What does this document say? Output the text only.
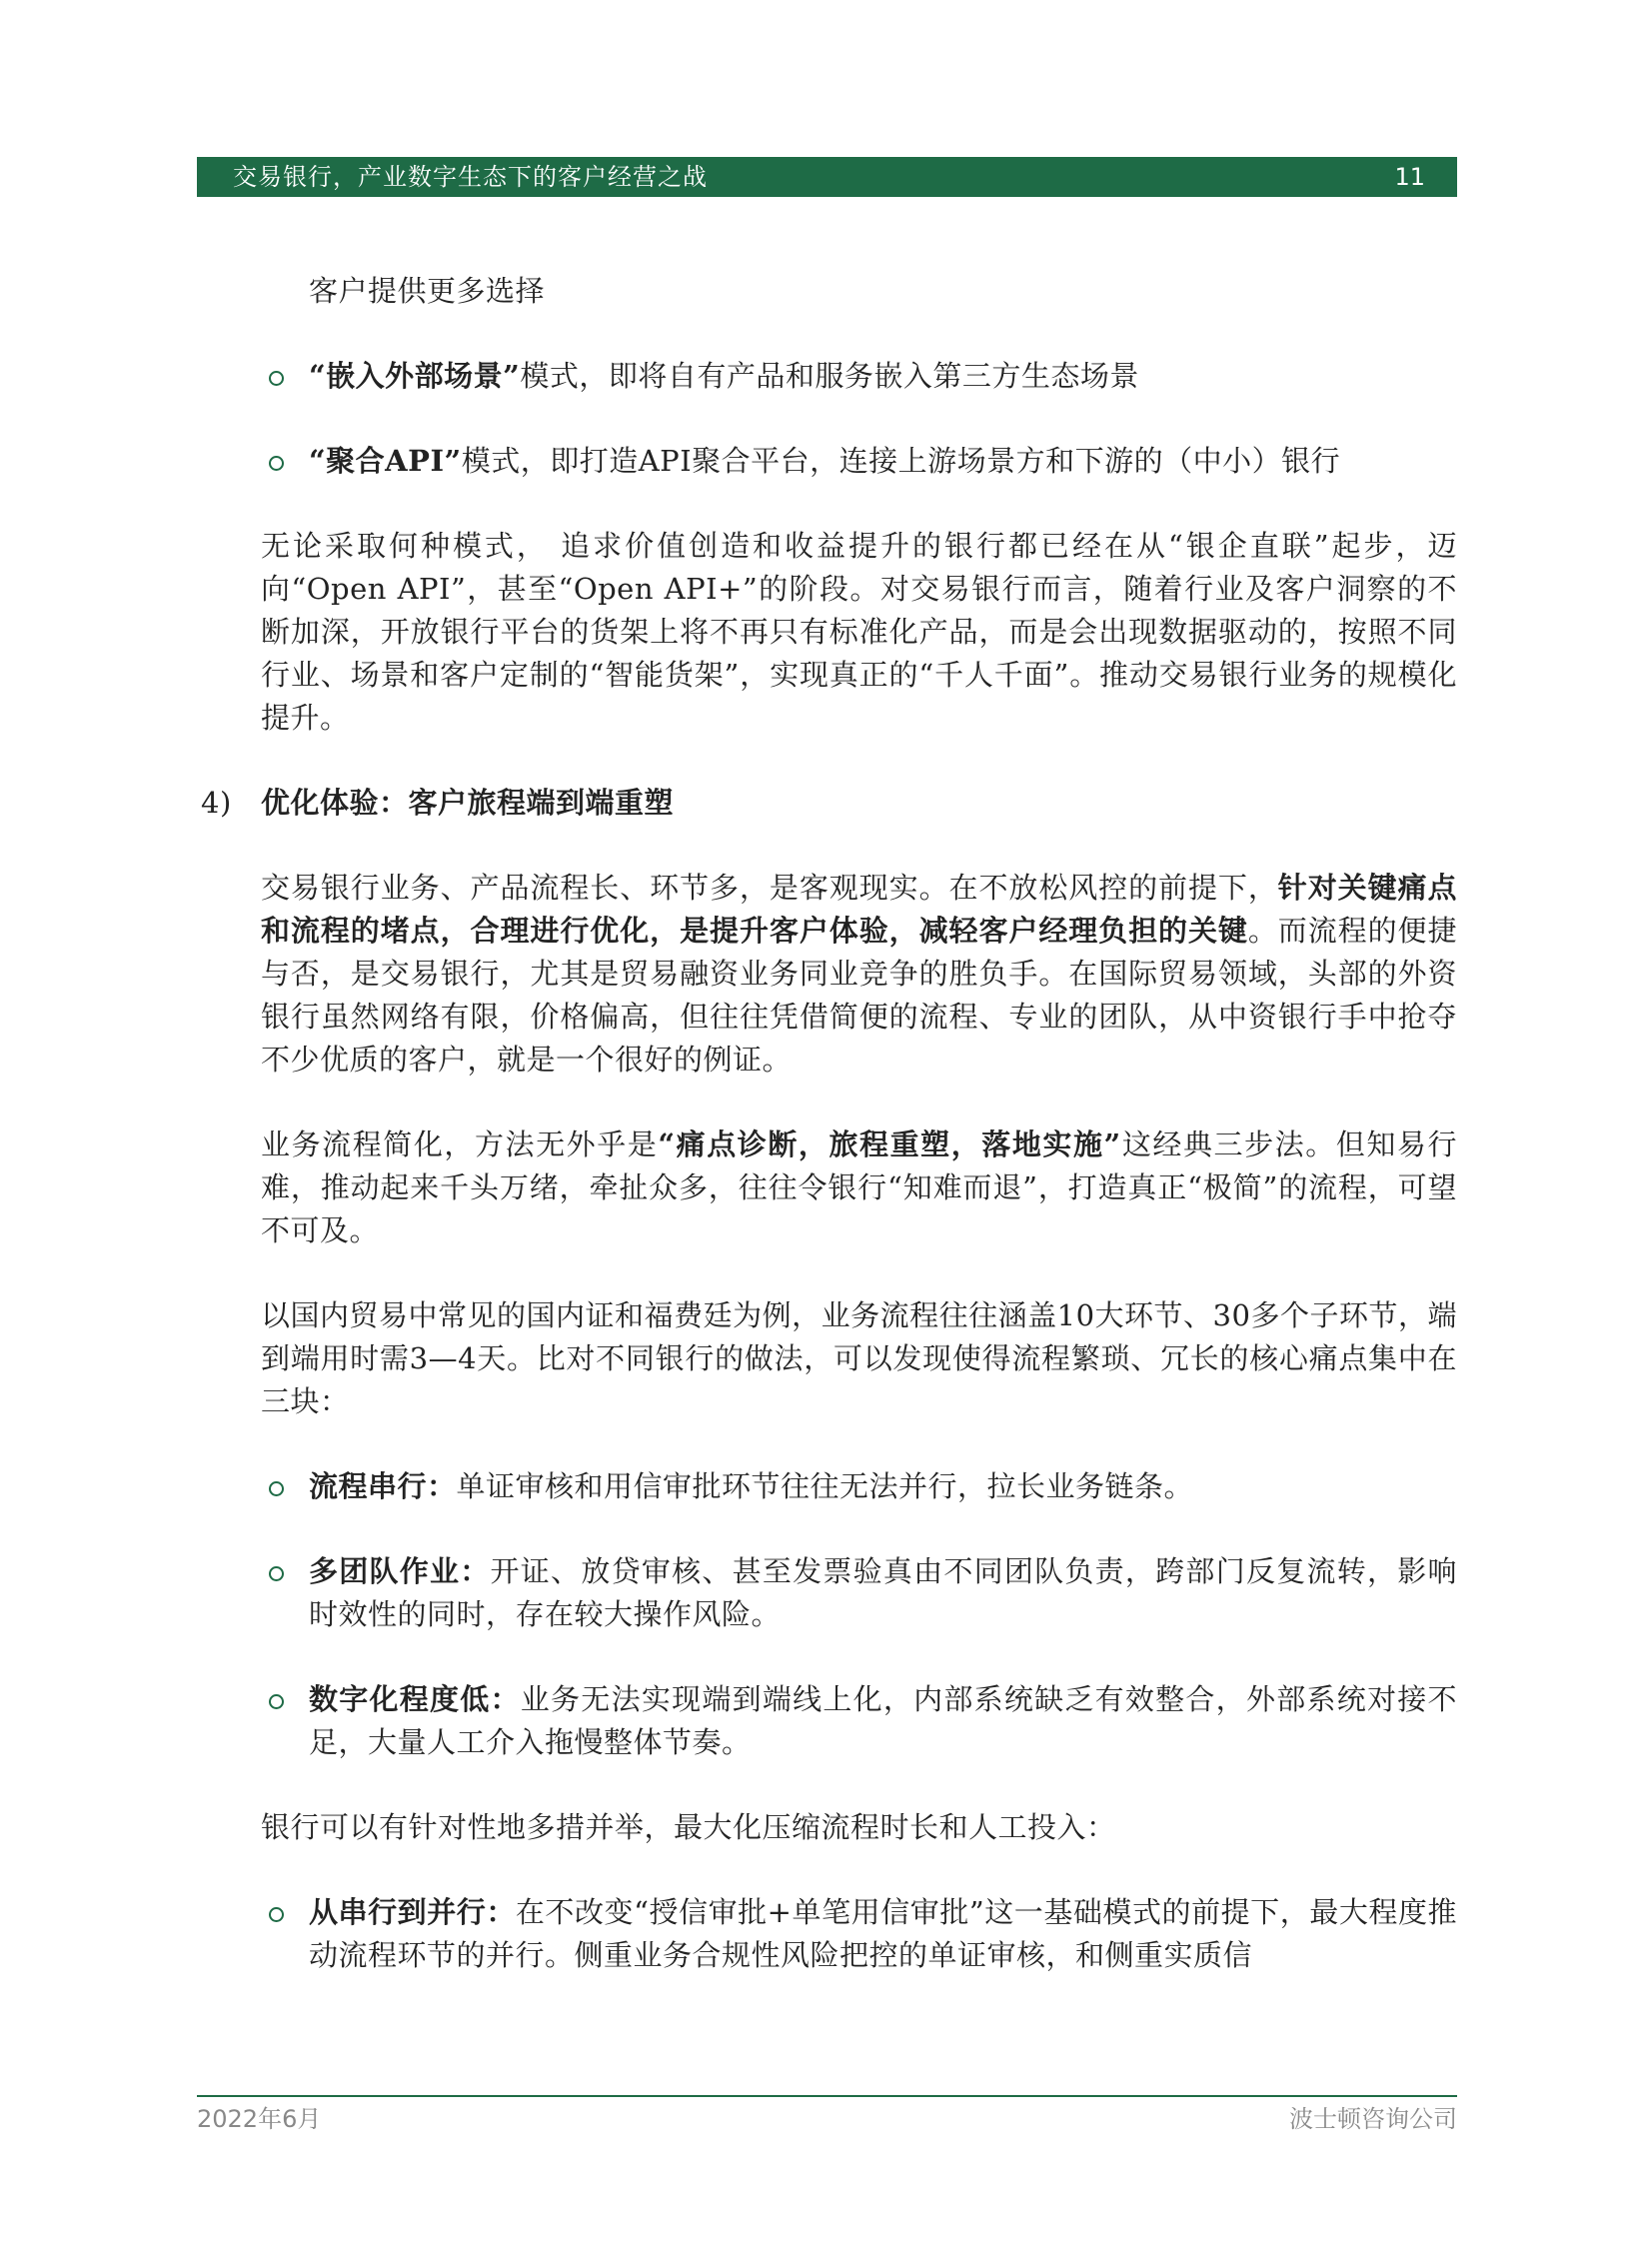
交易银行，产业数字生态下的客户经营之战	11

客户提供更多选择

“嵌入外部场景”模式，即将自有产品和服务嵌入第三方生态场景
“聚合API”模式，即打造API聚合平台，连接上游场景方和下游的（中小）银行

无论采取何种模式， 追求价值创造和收益提升的银行都已经在从“银企直联”起步，迈向“Open API”，甚至“Open API+”的阶段。对交易银行而言，随着行业及客户洞察的不断加深，开放银行平台的货架上将不再只有标准化产品，而是会出现数据驱动的，按照不同行业、场景和客户定制的“智能货架”，实现真正的“千人千面”。推动交易银行业务的规模化提升。

4) 优化体验：客户旅程端到端重塑

交易银行业务、产品流程长、环节多，是客观现实。在不放松风控的前提下，针对关键痛点和流程的堵点，合理进行优化，是提升客户体验，减轻客户经理负担的关键。而流程的便捷与否，是交易银行，尤其是贸易融资业务同业竞争的胜负手。在国际贸易领域，头部的外资银行虽然网络有限，价格偏高，但往往凭借简便的流程、专业的团队，从中资银行手中抢夺不少优质的客户，就是一个很好的例证。

业务流程简化，方法无外乎是“痛点诊断，旅程重塑，落地实施”这经典三步法。但知易行难，推动起来千头万绪，牵扯众多，往往令银行“知难而退”，打造真正“极简”的流程，可望不可及。

以国内贸易中常见的国内证和福费廷为例，业务流程往往涵盖10大环节、30多个子环节，端到端用时需3—4天。比对不同银行的做法，可以发现使得流程繁琐、冗长的核心痛点集中在三块：

流程串行：单证审核和用信审批环节往往无法并行，拉长业务链条。
多团队作业：开证、放贷审核、甚至发票验真由不同团队负责，跨部门反复流转，影响时效性的同时，存在较大操作风险。
数字化程度低：业务无法实现端到端线上化，内部系统缺乏有效整合，外部系统对接不足，大量人工介入拖慢整体节奏。

银行可以有针对性地多措并举，最大化压缩流程时长和人工投入：

从串行到并行：在不改变“授信审批+单笔用信审批”这一基础模式的前提下，最大程度推动流程环节的并行。侧重业务合规性风险把控的单证审核，和侧重实质信
2022年6月	波士顿咨询公司
